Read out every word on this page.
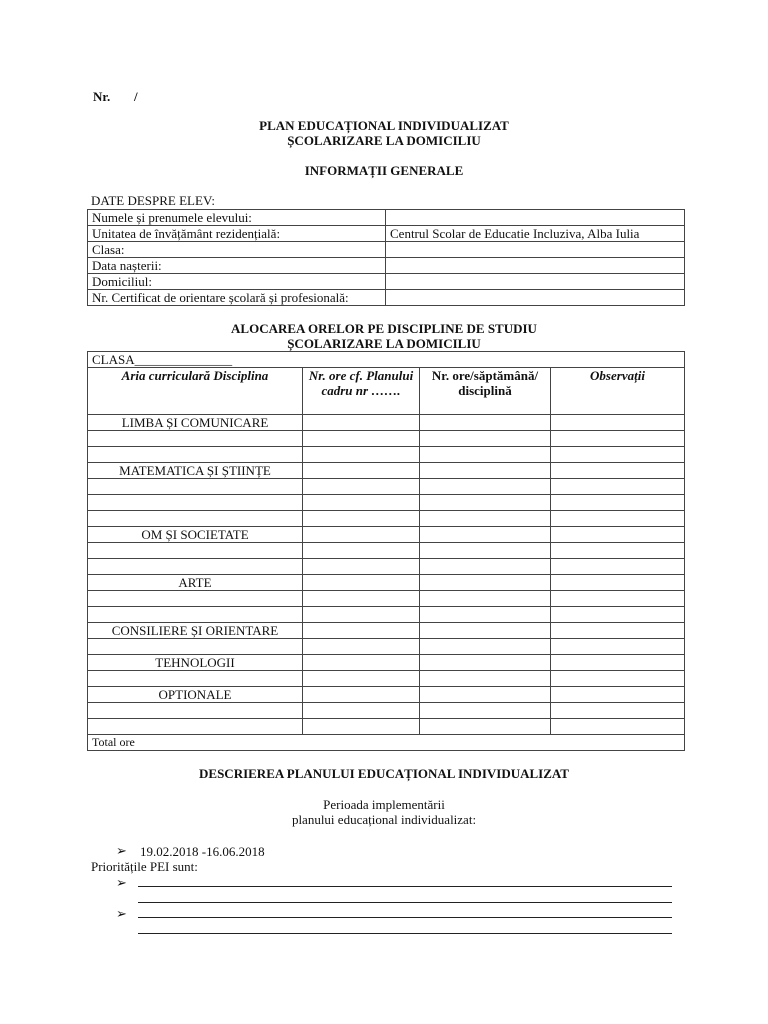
Nr. /
PLAN EDUCAȚIONAL INDIVIDUALIZAT
ȘCOLARIZARE LA DOMICILIU
INFORMAȚII GENERALE
DATE DESPRE ELEV:
Numele și prenumele elevului:	
Unitatea de învățământ rezidențială:	Centrul Scolar de Educatie Incluziva, Alba Iulia
Clasa:	
Data nașterii:	
Domiciliul:	
Nr. Certificat de orientare școlară și profesională:	
ALOCAREA ORELOR PE DISCIPLINE DE STUDIU
ȘCOLARIZARE LA DOMICILIU
CLASA_______________			
Aria curriculară Disciplina	Nr. ore cf. Planului cadru nr …….	Nr. ore/săptămână/ disciplină	Observații
LIMBA ȘI COMUNICARE			

MATEMATICA ȘI ȘTIINȚE			

OM ȘI SOCIETATE			

ARTE			

CONSILIERE ȘI ORIENTARE			

TEHNOLOGII			

OPTIONALE			

Total ore			
DESCRIEREA PLANULUI EDUCAȚIONAL INDIVIDUALIZAT
Perioada implementării
planului educațional individualizat:
➢ 19.02.2018 -16.06.2018
Prioritățile PEI sunt:
➢
➢
